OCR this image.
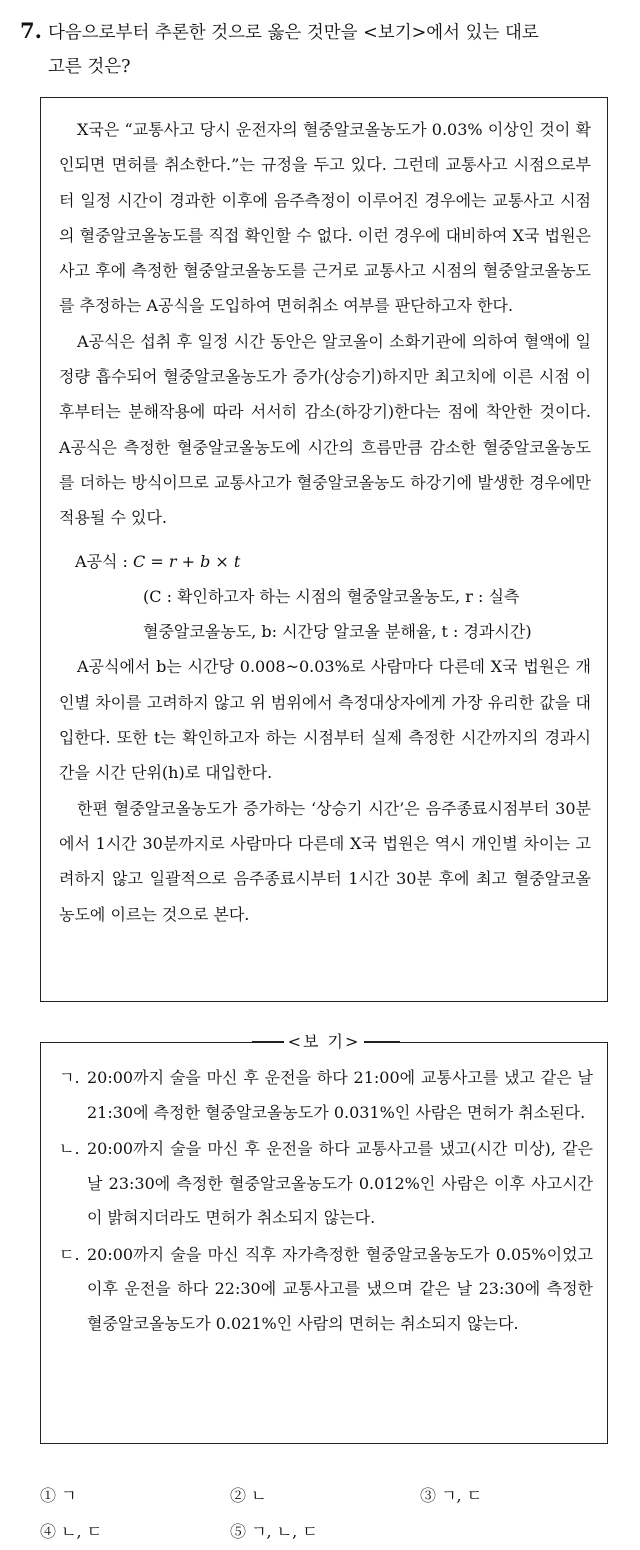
7. 다음으로부터 추론한 것으로 옳은 것만을 <보기>에서 있는 대로
고른 것은?

X국은 “교통사고 당시 운전자의 혈중알코올농도가 0.03% 이상인 것이 확인되면 면허를 취소한다.”는 규정을 두고 있다. 그런데 교통사고 시점으로부터 일정 시간이 경과한 이후에 음주측정이 이루어진 경우에는 교통사고 시점의 혈중알코올농도를 직접 확인할 수 없다. 이런 경우에 대비하여 X국 법원은 사고 후에 측정한 혈중알코올농도를 근거로 교통사고 시점의 혈중알코올농도를 추정하는 A공식을 도입하여 면허취소 여부를 판단하고자 한다.

A공식은 섭취 후 일정 시간 동안은 알코올이 소화기관에 의하여 혈액에 일정량 흡수되어 혈중알코올농도가 증가(상승기)하지만 최고치에 이른 시점 이후부터는 분해작용에 따라 서서히 감소(하강기)한다는 점에 착안한 것이다. A공식은 측정한 혈중알코올농도에 시간의 흐름만큼 감소한 혈중알코올농도를 더하는 방식이므로 교통사고가 혈중알코올농도 하강기에 발생한 경우에만 적용될 수 있다.

A공식 : C = r + b × t
(C : 확인하고자 하는 시점의 혈중알코올농도, r : 실측
혈중알코올농도, b: 시간당 알코올 분해율, t : 경과시간)

A공식에서 b는 시간당 0.008~0.03%로 사람마다 다른데 X국 법원은 개인별 차이를 고려하지 않고 위 범위에서 측정대상자에게 가장 유리한 값을 대입한다. 또한 t는 확인하고자 하는 시점부터 실제 측정한 시간까지의 경과시간을 시간 단위(h)로 대입한다.

한편 혈중알코올농도가 증가하는 ‘상승기 시간’은 음주종료시점부터 30분에서 1시간 30분까지로 사람마다 다른데 X국 법원은 역시 개인별 차이는 고려하지 않고 일괄적으로 음주종료시부터 1시간 30분 후에 최고 혈중알코올농도에 이르는 것으로 본다.

ㄱ. 20:00까지 술을 마신 후 운전을 하다 21:00에 교통사고를 냈고 같은 날 21:30에 측정한 혈중알코올농도가 0.031%인 사람은 면허가 취소된다.
ㄴ. 20:00까지 술을 마신 후 운전을 하다 교통사고를 냈고(시간 미상), 같은 날 23:30에 측정한 혈중알코올농도가 0.012%인 사람은 이후 사고시간이 밝혀지더라도 면허가 취소되지 않는다.
ㄷ. 20:00까지 술을 마신 직후 자가측정한 혈중알코올농도가 0.05%이었고 이후 운전을 하다 22:30에 교통사고를 냈으며 같은 날 23:30에 측정한 혈중알코올농도가 0.021%인 사람의 면허는 취소되지 않는다.
<보 기>
① ㄱ	② ㄴ	③ ㄱ, ㄷ
④ ㄴ, ㄷ	⑤ ㄱ, ㄴ, ㄷ
